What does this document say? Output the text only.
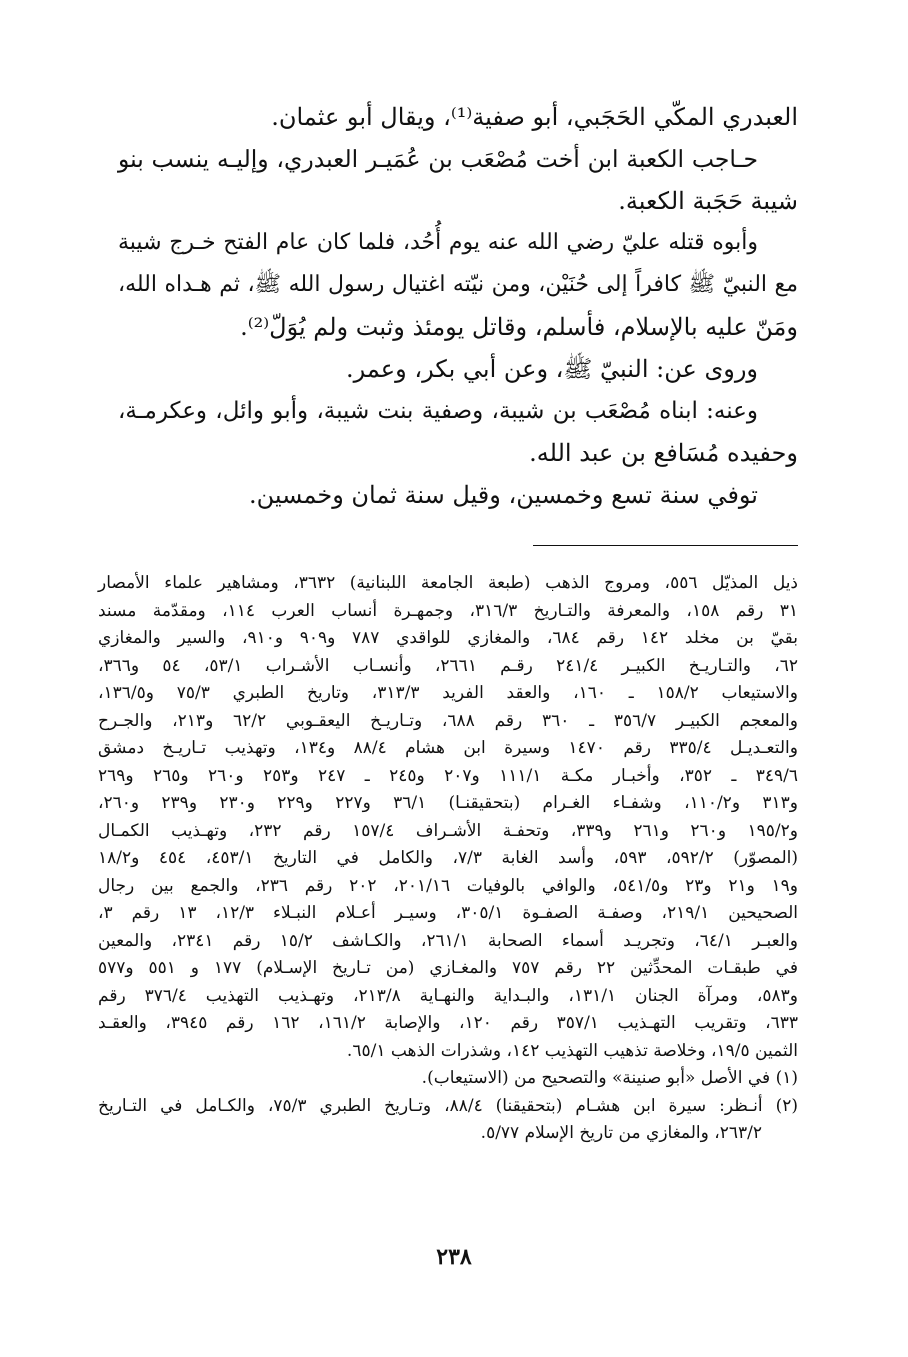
العبدري المكّي الحَجَبي، أبو صفية⁽¹⁾، ويقال أبو عثمان.
حـاجب الكعبة ابن أخت مُصْعَب بن عُمَيـر العبدري، وإليـه ينسب بنو
شيبة حَجَبة الكعبة.
وأبوه قتله عليّ رضي الله عنه يوم أُحُد، فلما كان عام الفتح خـرج شيبة
مع النبيّ ﷺ كافراً إلى حُنَيْن، ومن نيّته اغتيال رسول الله ﷺ، ثم هـداه الله،
ومَنّ عليه بالإسلام، فأسلم، وقاتل يومئذ وثبت ولم يُوَلّ⁽²⁾.
وروى عن: النبيّ ﷺ، وعن أبي بكر، وعمر.
وعنه: ابناه مُصْعَب بن شيبة، وصفية بنت شيبة، وأبو وائل، وعكرمـة،
وحفيده مُسَافع بن عبد الله.
توفي سنة تسع وخمسين، وقيل سنة ثمان وخمسين.
ذيل المذيّل ٥٥٦، ومروج الذهب (طبعة الجامعة اللبنانية) ٣٦٣٢، ومشاهير علماء الأمصار
٣١ رقم ١٥٨، والمعرفة والتـاريخ ٣١٦/٣، وجمهـرة أنساب العرب ١١٤، ومقدّمة مسند
بقيّ بن مخلد ١٤٢ رقم ٦٨٤، والمغازي للواقدي ٧٨٧ و٩٠٩ و٩١٠، والسير والمغازي
٦٢، والتـاريـخ الكبيـر ٢٤١/٤ رقـم ٢٦٦١، وأنسـاب الأشـراب ٥٣/١، ٥٤ و٣٦٦،
والاستيعاب ١٥٨/٢ ـ ١٦٠، والعقد الفريد ٣١٣/٣، وتاريخ الطبري ٧٥/٣ و١٣٦/٥،
والمعجم الكبيـر ٣٥٦/٧ ـ ٣٦٠ رقم ٦٨٨، وتـاريـخ اليعقـوبي ٦٢/٢ و٢١٣، والجـرح
والتعـديـل ٣٣٥/٤ رقم ١٤٧٠ وسيرة ابن هشام ٨٨/٤ و١٣٤، وتهذيب تـاريـخ دمشق
٣٤٩/٦ ـ ٣٥٢، وأخبـار مكـة ١١١/١ و٢٠٧ و٢٤٥ ـ ٢٤٧ و٢٥٣ و٢٦٠ و٢٦٥ و٢٦٩
و٣١٣ و١١٠/٢، وشفـاء الغـرام (بتحقيقنـا) ٣٦/١ و٢٢٧ و٢٢٩ و٢٣٠ و٢٣٩ و٢٦٠،
و١٩٥/٢ و٢٦٠ و٢٦١ و٣٣٩، وتحفـة الأشـراف ١٥٧/٤ رقم ٢٣٢، وتهـذيب الكمـال
(المصوّر) ٥٩٢/٢، ٥٩٣، وأسد الغابة ٧/٣، والكامل في التاريخ ٤٥٣/١، ٤٥٤ و١٨/٢
و١٩ و٢١ و٢٣ و٥٤١/٥، والوافي بالوفيات ٢٠١/١٦، ٢٠٢ رقم ٢٣٦، والجمع بين رجال
الصحيحين ٢١٩/١، وصفـة الصفـوة ٣٠٥/١، وسيـر أعـلام النبـلاء ١٢/٣، ١٣ رقم ٣،
والعبـر ٦٤/١، وتجريـد أسماء الصحابة ٢٦١/١، والكـاشف ١٥/٢ رقم ٢٣٤١، والمعين
في طبقـات المحدِّثين ٢٢ رقم ٧٥٧ والمغـازي (من تـاريخ الإسـلام) ١٧٧ و ٥٥١ و٥٧٧
و٥٨٣، ومرآة الجنان ١٣١/١، والبـداية والنهـاية ٢١٣/٨، وتهـذيب التهذيب ٣٧٦/٤ رقم
٦٣٣، وتقريب التهـذيب ٣٥٧/١ رقم ١٢٠، والإصابة ١٦١/٢، ١٦٢ رقم ٣٩٤٥، والعقـد
الثمين ١٩/٥، وخلاصة تذهيب التهذيب ١٤٢، وشذرات الذهب ٦٥/١.
(١) في الأصل «أبو صنينة» والتصحيح من (الاستيعاب).
(٢) أنـظر: سيرة ابن هشـام (بتحقيقنا) ٨٨/٤، وتـاريخ الطبري ٧٥/٣، والكـامل في التـاريخ
٢٦٣/٢، والمغازي من تاريخ الإسلام ٥/٧٧.
٢٣٨
